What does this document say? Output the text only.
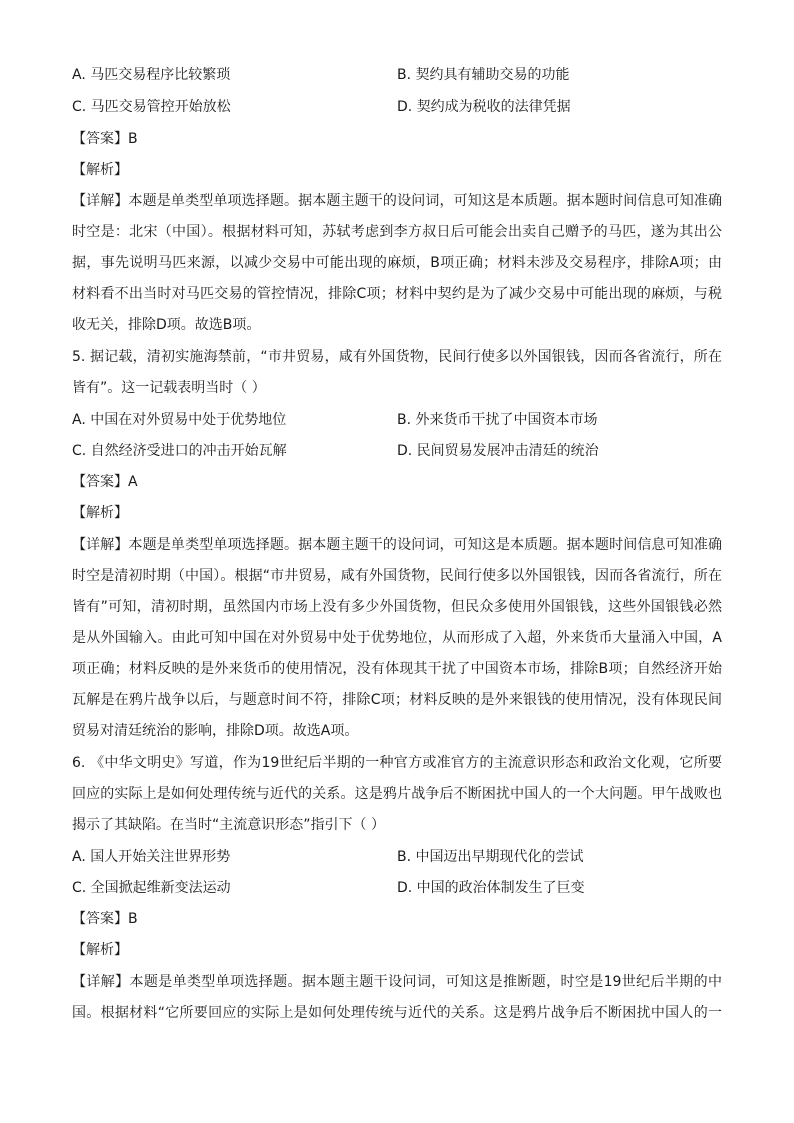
A. 马匹交易程序比较繁琐	B. 契约具有辅助交易的功能
C. 马匹交易管控开始放松	D. 契约成为税收的法律凭据
【答案】B
【解析】
【详解】本题是单类型单项选择题。据本题主题干的设问词，可知这是本质题。据本题时间信息可知准确
时空是：北宋（中国）。根据材料可知，苏轼考虑到李方叔日后可能会出卖自己赠予的马匹，遂为其出公
据，事先说明马匹来源，以减少交易中可能出现的麻烦，B项正确；材料未涉及交易程序，排除A项；由
材料看不出当时对马匹交易的管控情况，排除C项；材料中契约是为了减少交易中可能出现的麻烦，与税
收无关，排除D项。故选B项。
5. 据记载，清初实施海禁前，“市井贸易，咸有外国货物，民间行使多以外国银钱，因而各省流行，所在
皆有”。这一记载表明当时（ ）
A. 中国在对外贸易中处于优势地位	B. 外来货币干扰了中国资本市场
C. 自然经济受进口的冲击开始瓦解	D. 民间贸易发展冲击清廷的统治
【答案】A
【解析】
【详解】本题是单类型单项选择题。据本题主题干的设问词，可知这是本质题。据本题时间信息可知准确
时空是清初时期（中国）。根据“市井贸易，咸有外国货物，民间行使多以外国银钱，因而各省流行，所在
皆有”可知，清初时期，虽然国内市场上没有多少外国货物，但民众多使用外国银钱，这些外国银钱必然
是从外国输入。由此可知中国在对外贸易中处于优势地位，从而形成了入超，外来货币大量涌入中国，A
项正确；材料反映的是外来货币的使用情况，没有体现其干扰了中国资本市场，排除B项；自然经济开始
瓦解是在鸦片战争以后，与题意时间不符，排除C项；材料反映的是外来银钱的使用情况，没有体现民间
贸易对清廷统治的影响，排除D项。故选A项。
6. 《中华文明史》写道，作为19世纪后半期的一种官方或准官方的主流意识形态和政治文化观，它所要
回应的实际上是如何处理传统与近代的关系。这是鸦片战争后不断困扰中国人的一个大问题。甲午战败也
揭示了其缺陷。在当时“主流意识形态”指引下（ ）
A. 国人开始关注世界形势	B. 中国迈出早期现代化的尝试
C. 全国掀起维新变法运动	D. 中国的政治体制发生了巨变
【答案】B
【解析】
【详解】本题是单类型单项选择题。据本题主题干设问词，可知这是推断题，时空是19世纪后半期的中
国。根据材料“它所要回应的实际上是如何处理传统与近代的关系。这是鸦片战争后不断困扰中国人的一
